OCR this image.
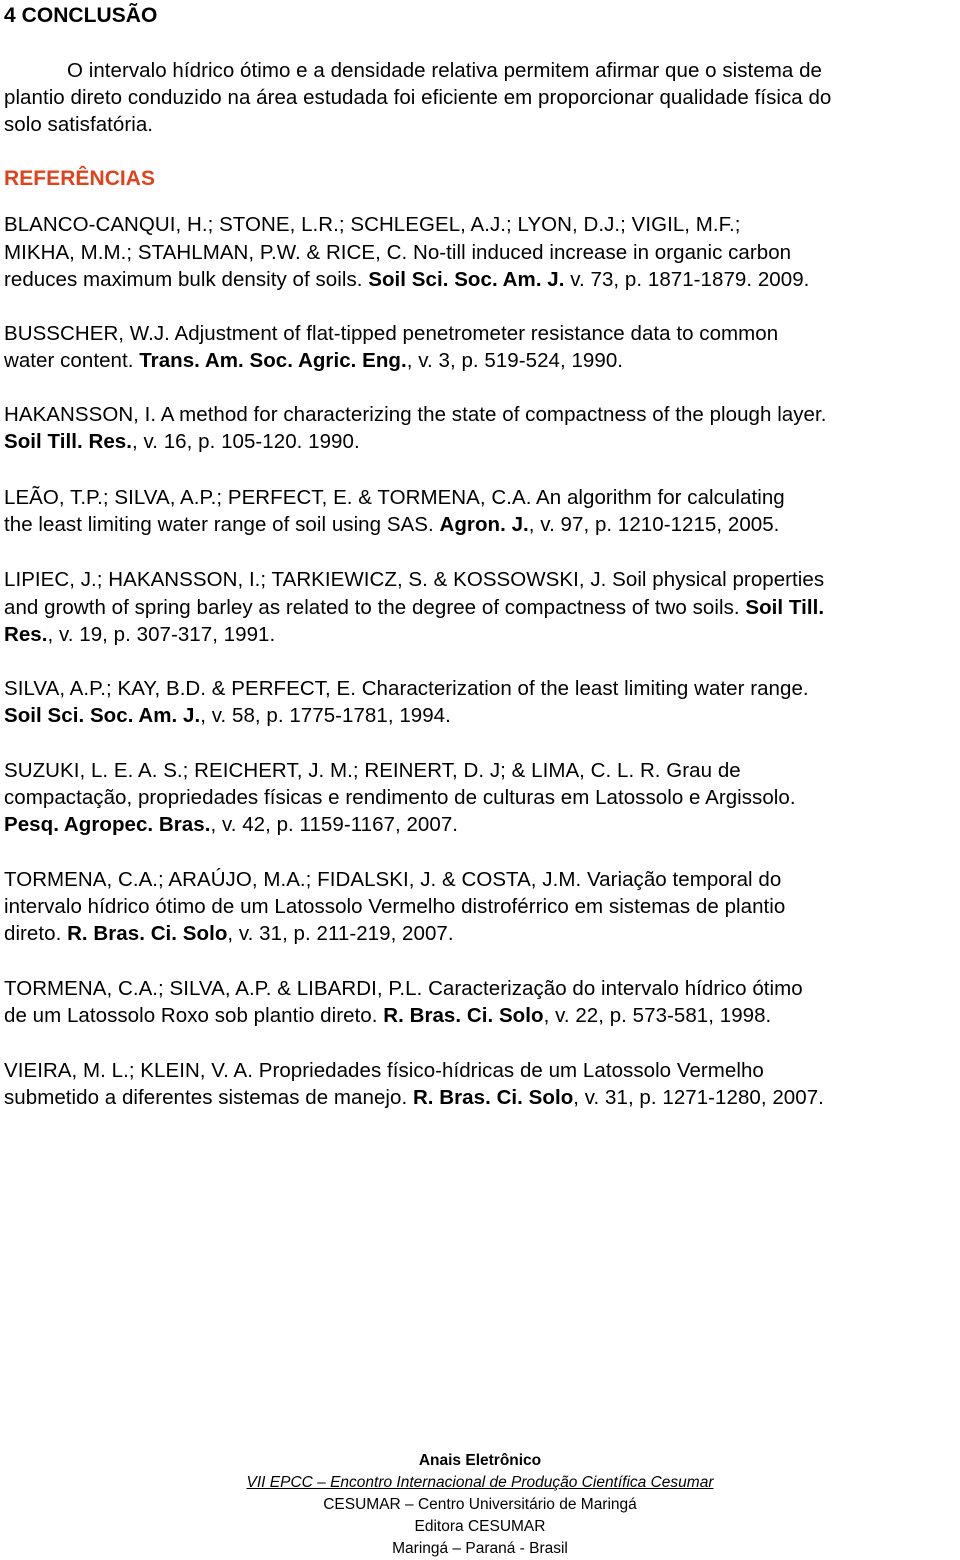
4 CONCLUSÃO
O intervalo hídrico ótimo e a densidade relativa permitem afirmar que o sistema de
plantio direto conduzido na área estudada foi eficiente em proporcionar qualidade física do
solo satisfatória.
REFERÊNCIAS
BLANCO-CANQUI, H.; STONE, L.R.; SCHLEGEL, A.J.; LYON, D.J.; VIGIL, M.F.;
MIKHA, M.M.; STAHLMAN, P.W. & RICE, C. No-till induced increase in organic carbon
reduces maximum bulk density of soils. Soil Sci. Soc. Am. J. v. 73, p. 1871-1879. 2009.
BUSSCHER, W.J. Adjustment of flat-tipped penetrometer resistance data to common
water content. Trans. Am. Soc. Agric. Eng., v. 3, p. 519-524, 1990.
HAKANSSON, I. A method for characterizing the state of compactness of the plough layer.
Soil Till. Res., v. 16, p. 105-120. 1990.
LEÃO, T.P.; SILVA, A.P.; PERFECT, E. & TORMENA, C.A. An algorithm for calculating
the least limiting water range of soil using SAS. Agron. J., v. 97, p. 1210-1215, 2005.
LIPIEC, J.; HAKANSSON, I.; TARKIEWICZ, S. & KOSSOWSKI, J. Soil physical properties
and growth of spring barley as related to the degree of compactness of two soils. Soil Till.
Res., v. 19, p. 307-317, 1991.
SILVA, A.P.; KAY, B.D. & PERFECT, E. Characterization of the least limiting water range.
Soil Sci. Soc. Am. J., v. 58, p. 1775-1781, 1994.
SUZUKI, L. E. A. S.; REICHERT, J. M.; REINERT, D. J; & LIMA, C. L. R. Grau de
compactação, propriedades físicas e rendimento de culturas em Latossolo e Argissolo.
Pesq. Agropec. Bras., v. 42, p. 1159-1167, 2007.
TORMENA, C.A.; ARAÚJO, M.A.; FIDALSKI, J. & COSTA, J.M. Variação temporal do
intervalo hídrico ótimo de um Latossolo Vermelho distroférrico em sistemas de plantio
direto. R. Bras. Ci. Solo, v. 31, p. 211-219, 2007.
TORMENA, C.A.; SILVA, A.P. & LIBARDI, P.L. Caracterização do intervalo hídrico ótimo
de um Latossolo Roxo sob plantio direto. R. Bras. Ci. Solo, v. 22, p. 573-581, 1998.
VIEIRA, M. L.; KLEIN, V. A. Propriedades físico-hídricas de um Latossolo Vermelho
submetido a diferentes sistemas de manejo. R. Bras. Ci. Solo, v. 31, p. 1271-1280, 2007.
Anais Eletrônico
VII EPCC – Encontro Internacional de Produção Científica Cesumar
CESUMAR – Centro Universitário de Maringá
Editora CESUMAR
Maringá – Paraná - Brasil
